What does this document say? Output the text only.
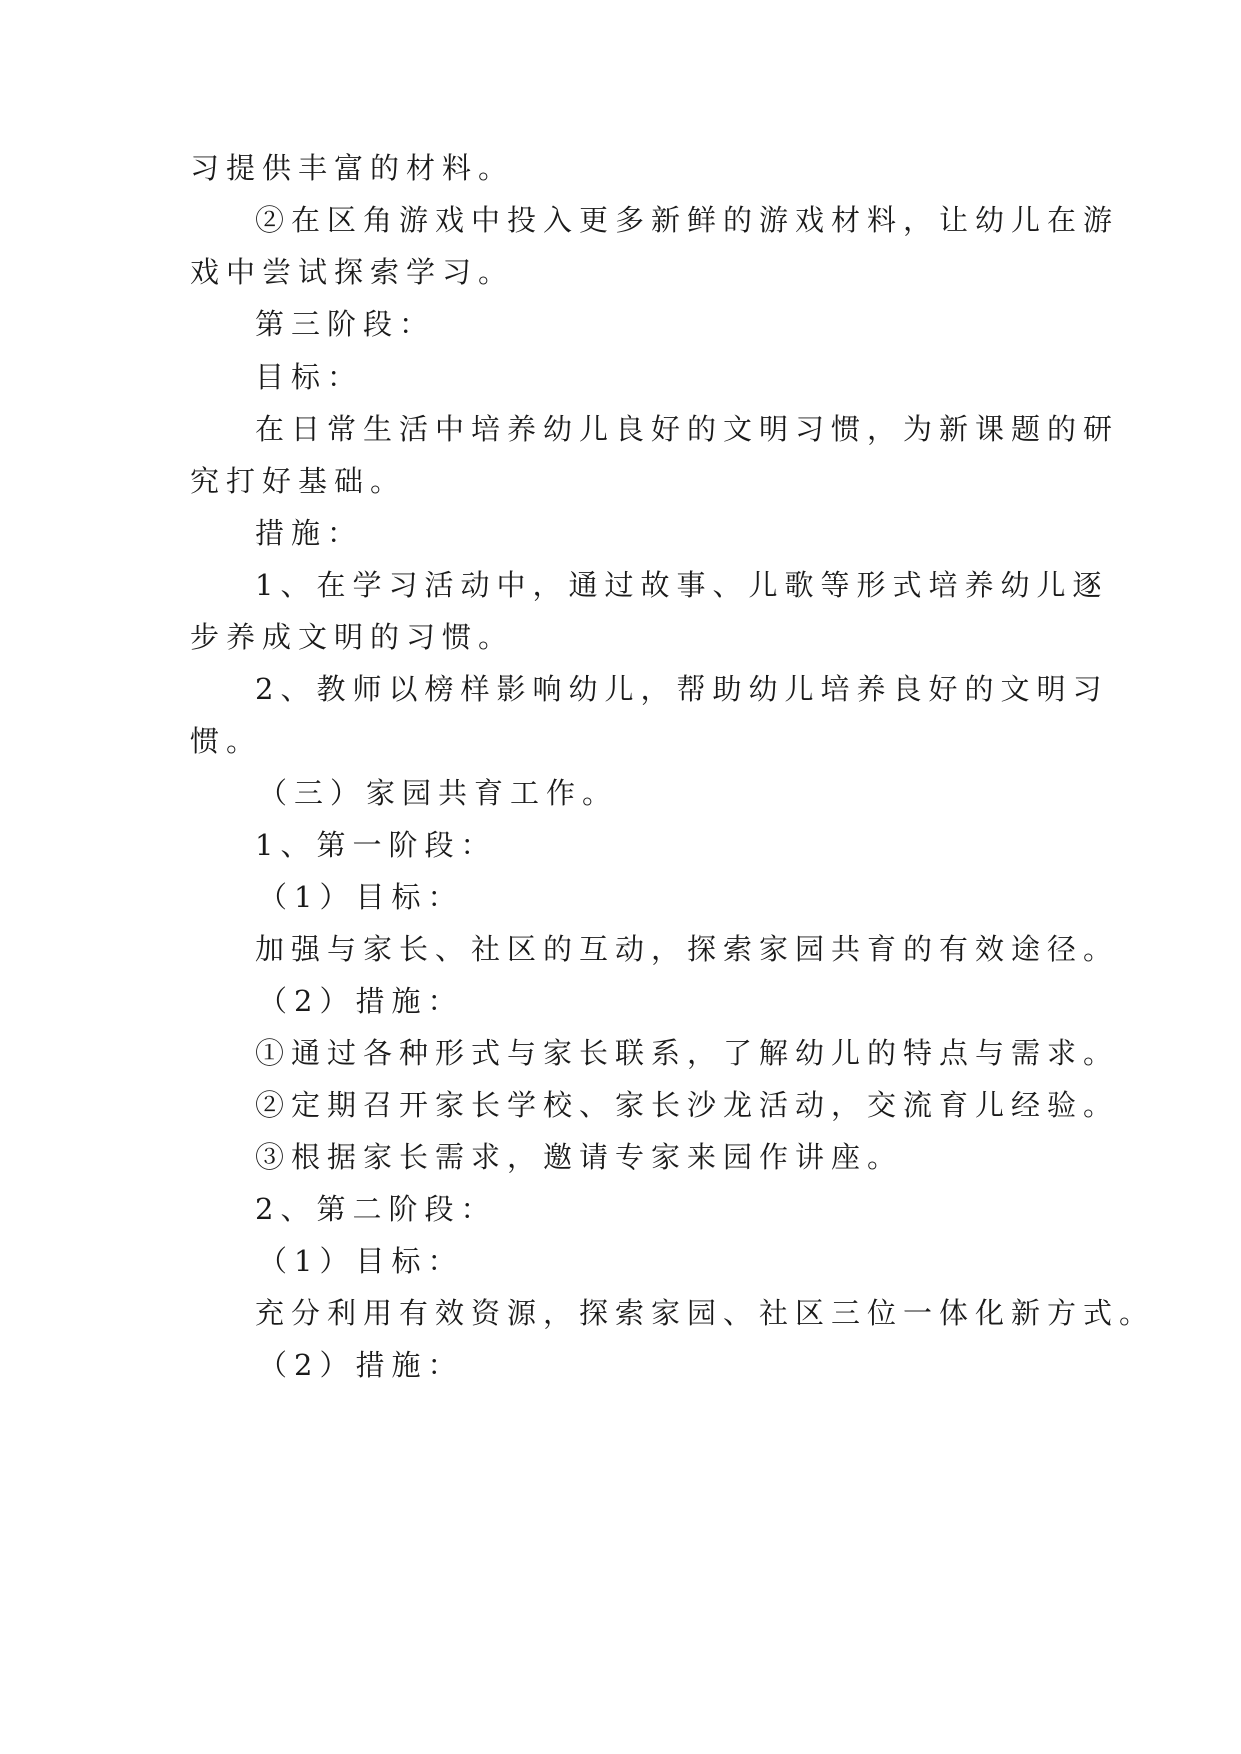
习提供丰富的材料。
②在区角游戏中投入更多新鲜的游戏材料，让幼儿在游
戏中尝试探索学习。
第三阶段：
目标：
在日常生活中培养幼儿良好的文明习惯，为新课题的研
究打好基础。
措施：
1、在学习活动中，通过故事、儿歌等形式培养幼儿逐
步养成文明的习惯。
2、教师以榜样影响幼儿，帮助幼儿培养良好的文明习
惯。
（三）家园共育工作。
1、第一阶段：
（1）目标：
加强与家长、社区的互动，探索家园共育的有效途径。
（2）措施：
①通过各种形式与家长联系，了解幼儿的特点与需求。
②定期召开家长学校、家长沙龙活动，交流育儿经验。
③根据家长需求，邀请专家来园作讲座。
2、第二阶段：
（1）目标：
充分利用有效资源，探索家园、社区三位一体化新方式。
（2）措施：
